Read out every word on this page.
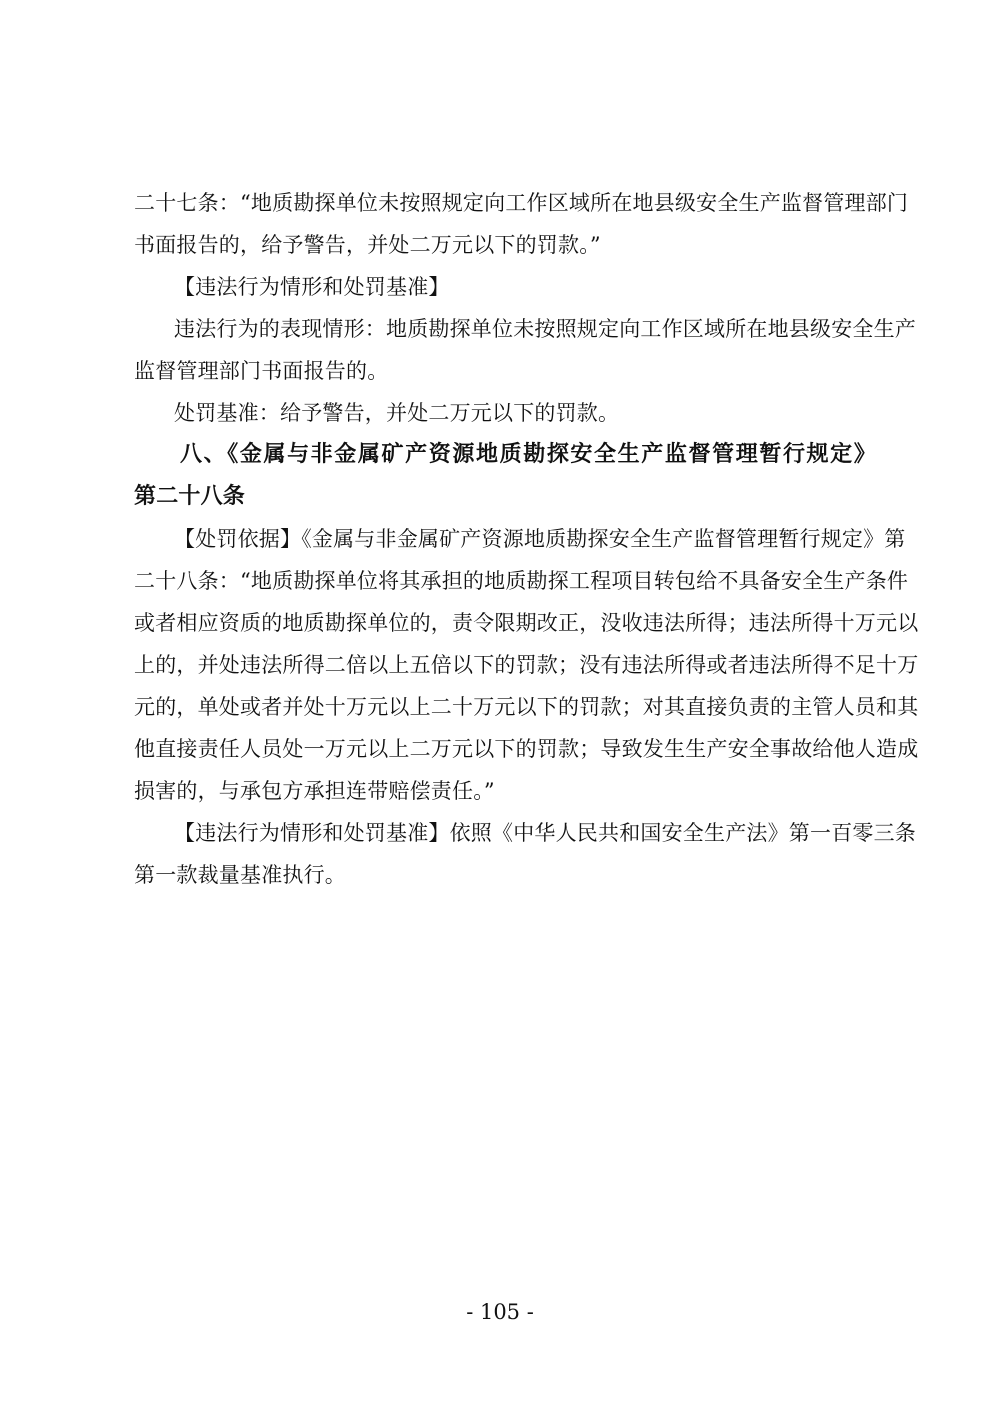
二十七条：“地质勘探单位未按照规定向工作区域所在地县级安全生产监督管理部门
书面报告的，给予警告，并处二万元以下的罚款。”
【违法行为情形和处罚基准】
违法行为的表现情形：地质勘探单位未按照规定向工作区域所在地县级安全生产
监督管理部门书面报告的。
处罚基准：给予警告，并处二万元以下的罚款。
八、《金属与非金属矿产资源地质勘探安全生产监督管理暂行规定》
第二十八条
【处罚依据】《金属与非金属矿产资源地质勘探安全生产监督管理暂行规定》第
二十八条：“地质勘探单位将其承担的地质勘探工程项目转包给不具备安全生产条件
或者相应资质的地质勘探单位的，责令限期改正，没收违法所得；违法所得十万元以
上的，并处违法所得二倍以上五倍以下的罚款；没有违法所得或者违法所得不足十万
元的，单处或者并处十万元以上二十万元以下的罚款；对其直接负责的主管人员和其
他直接责任人员处一万元以上二万元以下的罚款；导致发生生产安全事故给他人造成
损害的，与承包方承担连带赔偿责任。”
【违法行为情形和处罚基准】依照《中华人民共和国安全生产法》第一百零三条
第一款裁量基准执行。
- 105 -
